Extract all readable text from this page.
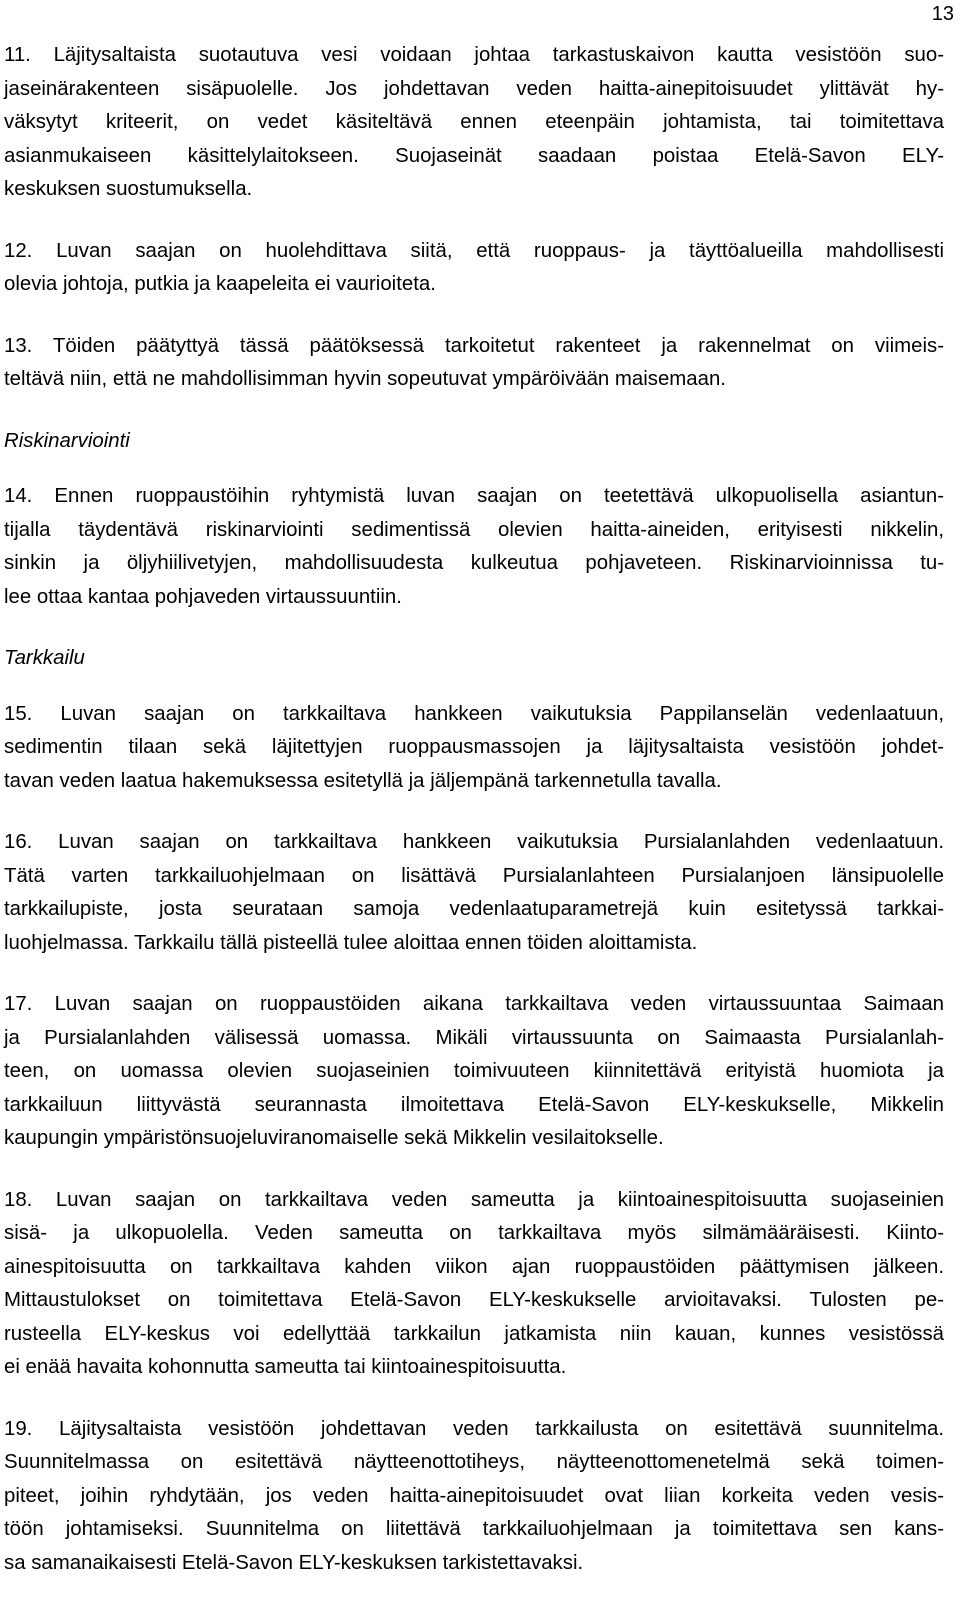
13
11. Läjitysaltaista suotautuva vesi voidaan johtaa tarkastuskaivon kautta vesistöön suo-
jaseinärakenteen sisäpuolelle. Jos johdettavan veden haitta-ainepitoisuudet ylittävät hy-
väksytyt kriteerit, on vedet käsiteltävä ennen eteenpäin johtamista, tai toimitettava
asianmukaiseen käsittelylaitokseen. Suojaseinät saadaan poistaa Etelä-Savon ELY-
keskuksen suostumuksella.
12. Luvan saajan on huolehdittava siitä, että ruoppaus- ja täyttöalueilla mahdollisesti
olevia johtoja, putkia ja kaapeleita ei vaurioiteta.
13. Töiden päätyttyä tässä päätöksessä tarkoitetut rakenteet ja rakennelmat on viimeis-
teltävä niin, että ne mahdollisimman hyvin sopeutuvat ympäröivään maisemaan.
Riskinarviointi
14. Ennen ruoppaustöihin ryhtymistä luvan saajan on teetettävä ulkopuolisella asiantun-
tijalla täydentävä riskinarviointi sedimentissä olevien haitta-aineiden, erityisesti nikkelin,
sinkin ja öljyhiilivetyjen, mahdollisuudesta kulkeutua pohjaveteen. Riskinarvioinnissa tu-
lee ottaa kantaa pohjaveden virtaussuuntiin.
Tarkkailu
15. Luvan saajan on tarkkailtava hankkeen vaikutuksia Pappilanselän vedenlaatuun,
sedimentin tilaan sekä läjitettyjen ruoppausmassojen ja läjitysaltaista vesistöön johdet-
tavan veden laatua hakemuksessa esitetyllä ja jäljempänä tarkennetulla tavalla.
16. Luvan saajan on tarkkailtava hankkeen vaikutuksia Pursialanlahden vedenlaatuun.
Tätä varten tarkkailuohjelmaan on lisättävä Pursialanlahteen Pursialanjoen länsipuolelle
tarkkailupiste, josta seurataan samoja vedenlaatuparametrejä kuin esitetyssä tarkkai-
luohjelmassa. Tarkkailu tällä pisteellä tulee aloittaa ennen töiden aloittamista.
17. Luvan saajan on ruoppaustöiden aikana tarkkailtava veden virtaussuuntaa Saimaan
ja Pursialanlahden välisessä uomassa. Mikäli virtaussuunta on Saimaasta Pursialanlah-
teen, on uomassa olevien suojaseinien toimivuuteen kiinnitettävä erityistä huomiota ja
tarkkailuun liittyvästä seurannasta ilmoitettava Etelä-Savon ELY-keskukselle, Mikkelin
kaupungin ympäristönsuojeluviranomaiselle sekä Mikkelin vesilaitokselle.
18. Luvan saajan on tarkkailtava veden sameutta ja kiintoainespitoisuutta suojaseinien
sisä- ja ulkopuolella. Veden sameutta on tarkkailtava myös silmämääräisesti. Kiinto-
ainespitoisuutta on tarkkailtava kahden viikon ajan ruoppaustöiden päättymisen jälkeen.
Mittaustulokset on toimitettava Etelä-Savon ELY-keskukselle arvioitavaksi. Tulosten pe-
rusteella ELY-keskus voi edellyttää tarkkailun jatkamista niin kauan, kunnes vesistössä
ei enää havaita kohonnutta sameutta tai kiintoainespitoisuutta.
19. Läjitysaltaista vesistöön johdettavan veden tarkkailusta on esitettävä suunnitelma.
Suunnitelmassa on esitettävä näytteenottotiheys, näytteenottomenetelmä sekä toimen-
piteet, joihin ryhdytään, jos veden haitta-ainepitoisuudet ovat liian korkeita veden vesis-
töön johtamiseksi. Suunnitelma on liitettävä tarkkailuohjelmaan ja toimitettava sen kans-
sa samanaikaisesti Etelä-Savon ELY-keskuksen tarkistettavaksi.
